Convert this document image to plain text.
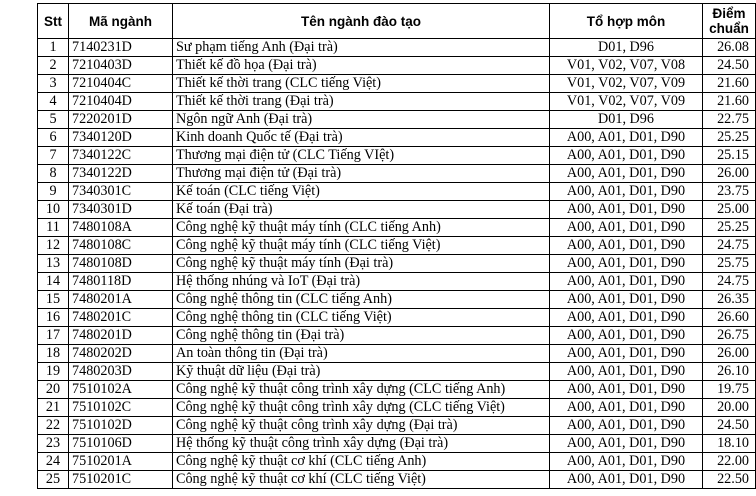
Stt	Mã ngành	Tên ngành đào tạo	Tổ hợp môn	Điểm
chuẩn
1	7140231D	Sư phạm tiếng Anh (Đại trà)	D01, D96	26.08
2	7210403D	Thiết kế đồ họa (Đại trà)	V01, V02, V07, V08	24.50
3	7210404C	Thiết kế thời trang (CLC tiếng Việt)	V01, V02, V07, V09	21.60
4	7210404D	Thiết kế thời trang (Đại trà)	V01, V02, V07, V09	21.60
5	7220201D	Ngôn ngữ Anh (Đại trà)	D01, D96	22.75
6	7340120D	Kinh doanh Quốc tế (Đại trà)	A00, A01, D01, D90	25.25
7	7340122C	Thương mại điện tử (CLC Tiếng VIệt)	A00, A01, D01, D90	25.15
8	7340122D	Thương mại điện tử (Đại trà)	A00, A01, D01, D90	26.00
9	7340301C	Kế toán (CLC tiếng Việt)	A00, A01, D01, D90	23.75
10	7340301D	Kế toán (Đại trà)	A00, A01, D01, D90	25.00
11	7480108A	Công nghệ kỹ thuật máy tính (CLC tiếng Anh)	A00, A01, D01, D90	25.25
12	7480108C	Công nghệ kỹ thuật máy tính (CLC tiếng Việt)	A00, A01, D01, D90	24.75
13	7480108D	Công nghệ kỹ thuật máy tính (Đại trà)	A00, A01, D01, D90	25.75
14	7480118D	Hệ thống nhúng và IoT (Đại trà)	A00, A01, D01, D90	24.75
15	7480201A	Công nghệ thông tin (CLC tiếng Anh)	A00, A01, D01, D90	26.35
16	7480201C	Công nghệ thông tin (CLC tiếng Việt)	A00, A01, D01, D90	26.60
17	7480201D	Công nghệ thông tin (Đại trà)	A00, A01, D01, D90	26.75
18	7480202D	An toàn thông tin (Đại trà)	A00, A01, D01, D90	26.00
19	7480203D	Kỹ thuật dữ liệu (Đại trà)	A00, A01, D01, D90	26.10
20	7510102A	Công nghệ kỹ thuật công trình xây dựng (CLC tiếng Anh)	A00, A01, D01, D90	19.75
21	7510102C	Công nghệ kỹ thuật công trình xây dựng (CLC tiếng Việt)	A00, A01, D01, D90	20.00
22	7510102D	Công nghệ kỹ thuật công trình xây dựng (Đại trà)	A00, A01, D01, D90	24.50
23	7510106D	Hệ thống kỹ thuật công trình xây dựng (Đại trà)	A00, A01, D01, D90	18.10
24	7510201A	Công nghệ kỹ thuật cơ khí (CLC tiếng Anh)	A00, A01, D01, D90	22.00
25	7510201C	Công nghệ kỹ thuật cơ khí (CLC tiếng Việt)	A00, A01, D01, D90	22.50
